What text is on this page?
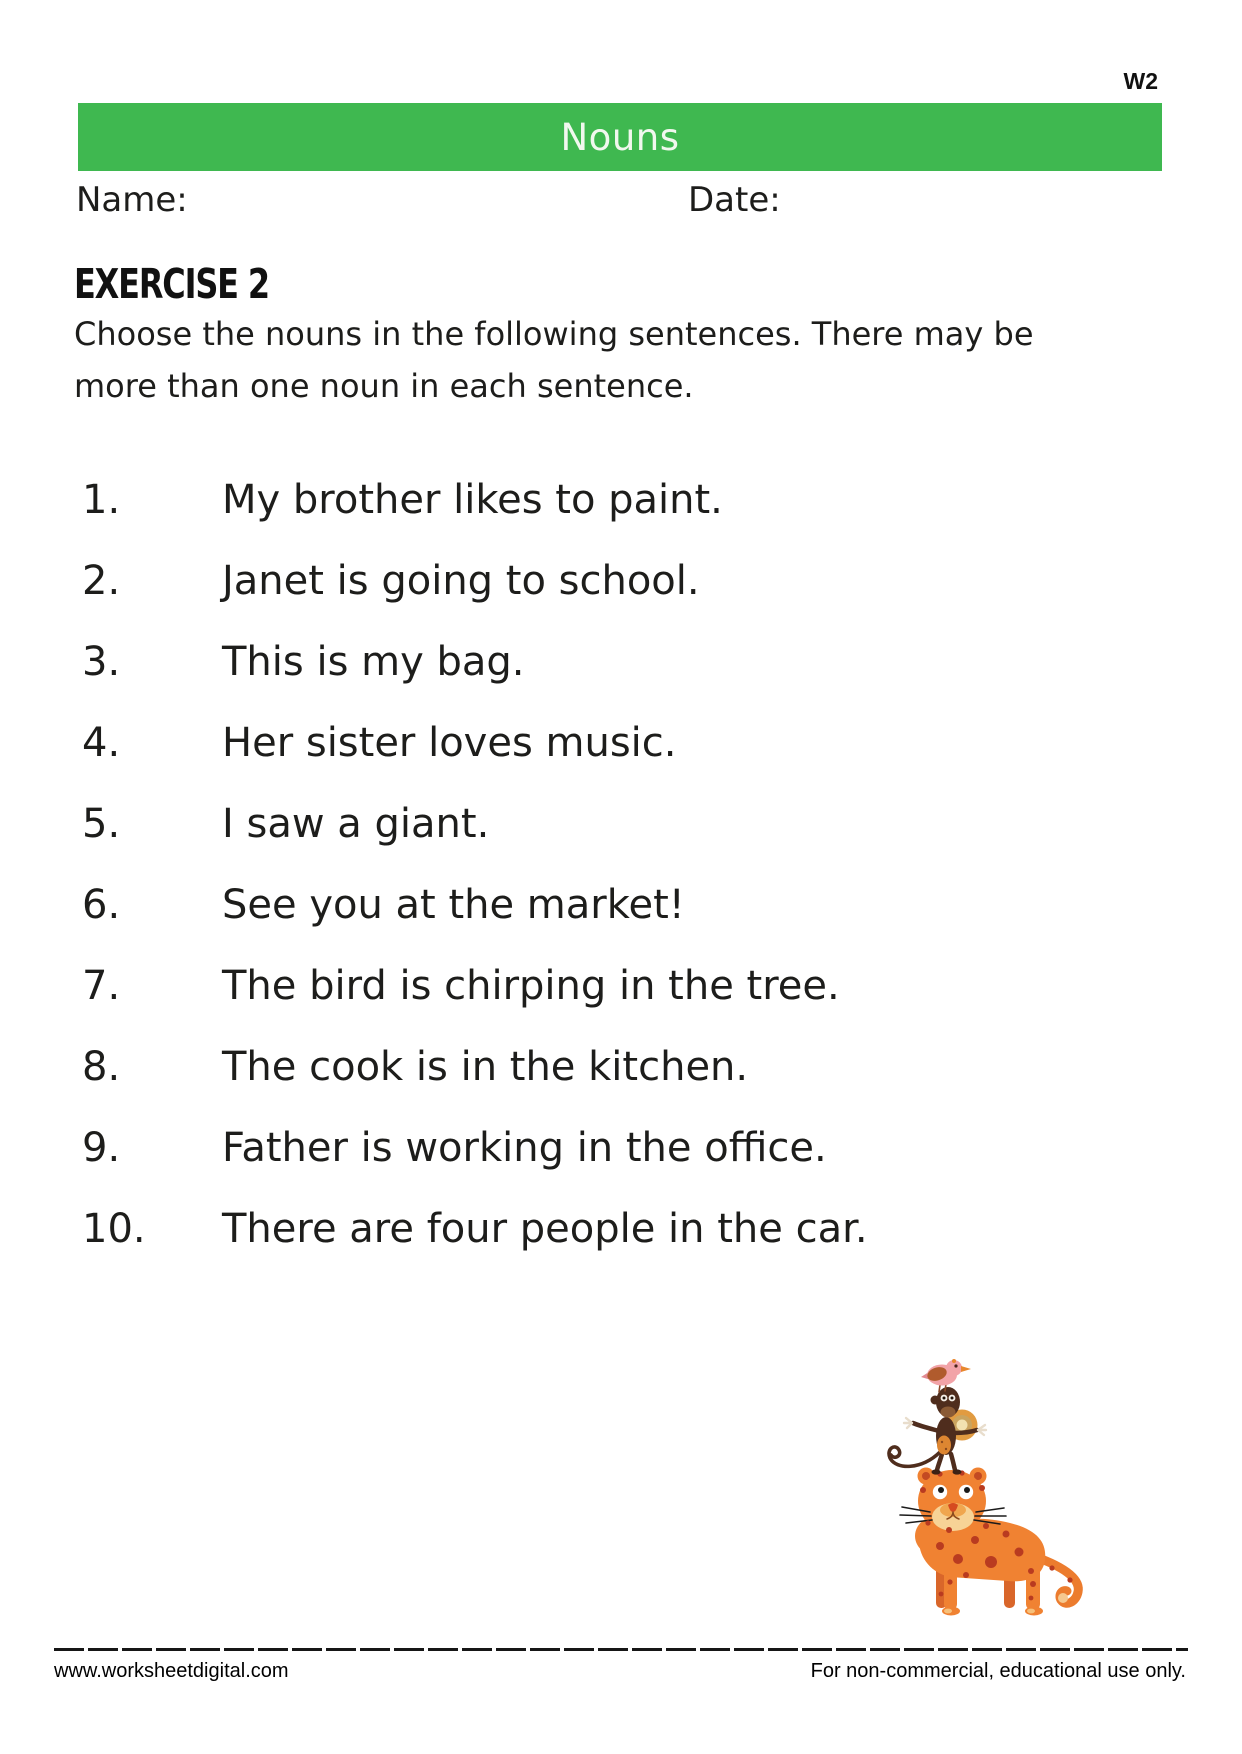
W2
Nouns
Name:	Date:
EXERCISE 2
Choose the nouns in the following sentences. There may be
more than one noun in each sentence.
1.	My brother likes to paint.
2.	Janet is going to school.
3.	This is my bag.
4.	Her sister loves music.
5.	I saw a giant.
6.	See you at the market!
7.	The bird is chirping in the tree.
8.	The cook is in the kitchen.
9.	Father is working in the office.
10.	There are four people in the car.
www.worksheetdigital.com	For non-commercial, educational use only.
